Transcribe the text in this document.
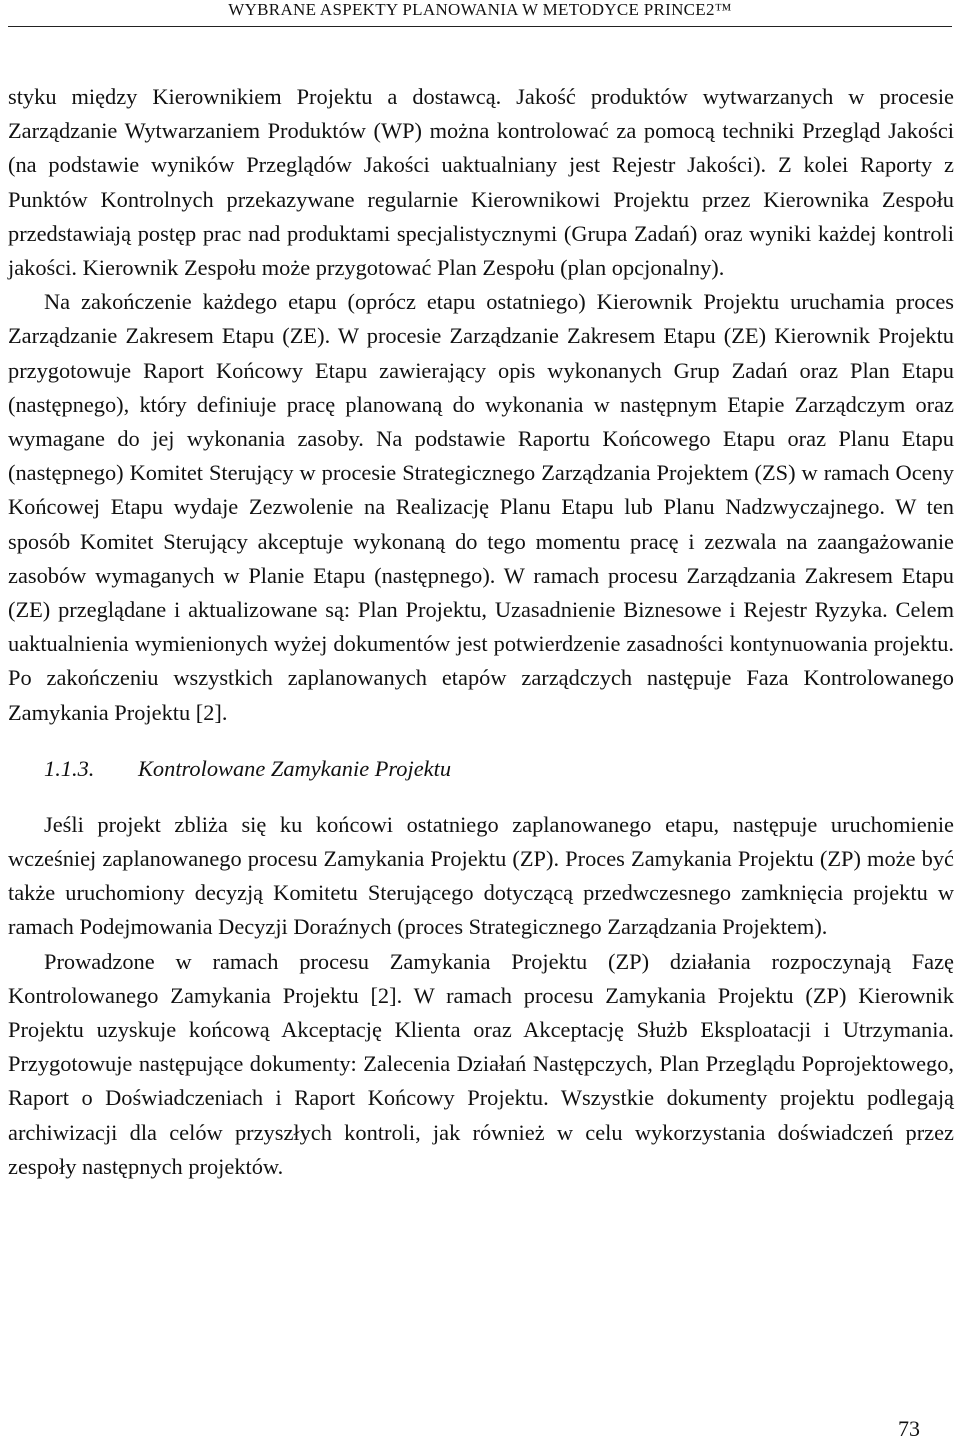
WYBRANE ASPEKTY PLANOWANIA W METODYCE PRINCE2™

styku między Kierownikiem Projektu a dostawcą. Jakość produktów wytwarzanych w procesie Zarządzanie Wytwarzaniem Produktów (WP) można kontrolować za pomocą techniki Przegląd Jakości (na podstawie wyników Przeglądów Jakości uaktualniany jest Rejestr Jakości). Z kolei Raporty z Punktów Kontrolnych przekazywane regularnie Kierownikowi Projektu przez Kierownika Zespołu przedstawiają postęp prac nad produktami specjalistycznymi (Grupa Zadań) oraz wyniki każdej kontroli jakości. Kierownik Zespołu może przygotować Plan Zespołu (plan opcjonalny).

Na zakończenie każdego etapu (oprócz etapu ostatniego) Kierownik Projektu uruchamia proces Zarządzanie Zakresem Etapu (ZE). W procesie Zarządzanie Zakresem Etapu (ZE) Kierownik Projektu przygotowuje Raport Końcowy Etapu zawierający opis wykonanych Grup Zadań oraz Plan Etapu (następnego), który definiuje pracę planowaną do wykonania w następnym Etapie Zarządczym oraz wymagane do jej wykonania zasoby. Na podstawie Raportu Końcowego Etapu oraz Planu Etapu (następnego) Komitet Sterujący w procesie Strategicznego Zarządzania Projektem (ZS) w ramach Oceny Końcowej Etapu wydaje Zezwolenie na Realizację Planu Etapu lub Planu Nadzwyczajnego. W ten sposób Komitet Sterujący akceptuje wykonaną do tego momentu pracę i zezwala na zaangażowanie zasobów wymaganych w Planie Etapu (następnego). W ramach procesu Zarządzania Zakresem Etapu (ZE) przeglądane i aktualizowane są: Plan Projektu, Uzasadnienie Biznesowe i Rejestr Ryzyka. Celem uaktualnienia wymienionych wyżej dokumentów jest potwierdzenie zasadności kontynuowania projektu. Po zakończeniu wszystkich zaplanowanych etapów zarządczych następuje Faza Kontrolowanego Zamykania Projektu [2].

1.1.3. Kontrolowane Zamykanie Projektu

Jeśli projekt zbliża się ku końcowi ostatniego zaplanowanego etapu, następuje uruchomienie wcześniej zaplanowanego procesu Zamykania Projektu (ZP). Proces Zamykania Projektu (ZP) może być także uruchomiony decyzją Komitetu Sterującego dotyczącą przedwczesnego zamknięcia projektu w ramach Podejmowania Decyzji Doraźnych (proces Strategicznego Zarządzania Projektem).

Prowadzone w ramach procesu Zamykania Projektu (ZP) działania rozpoczynają Fazę Kontrolowanego Zamykania Projektu [2]. W ramach procesu Zamykania Projektu (ZP) Kierownik Projektu uzyskuje końcową Akceptację Klienta oraz Akceptację Służb Eksploatacji i Utrzymania. Przygotowuje następujące dokumenty: Zalecenia Działań Następczych, Plan Przeglądu Poprojektowego, Raport o Doświadczeniach i Raport Końcowy Projektu. Wszystkie dokumenty projektu podlegają archiwizacji dla celów przyszłych kontroli, jak również w celu wykorzystania doświadczeń przez zespoły następnych projektów.

73
